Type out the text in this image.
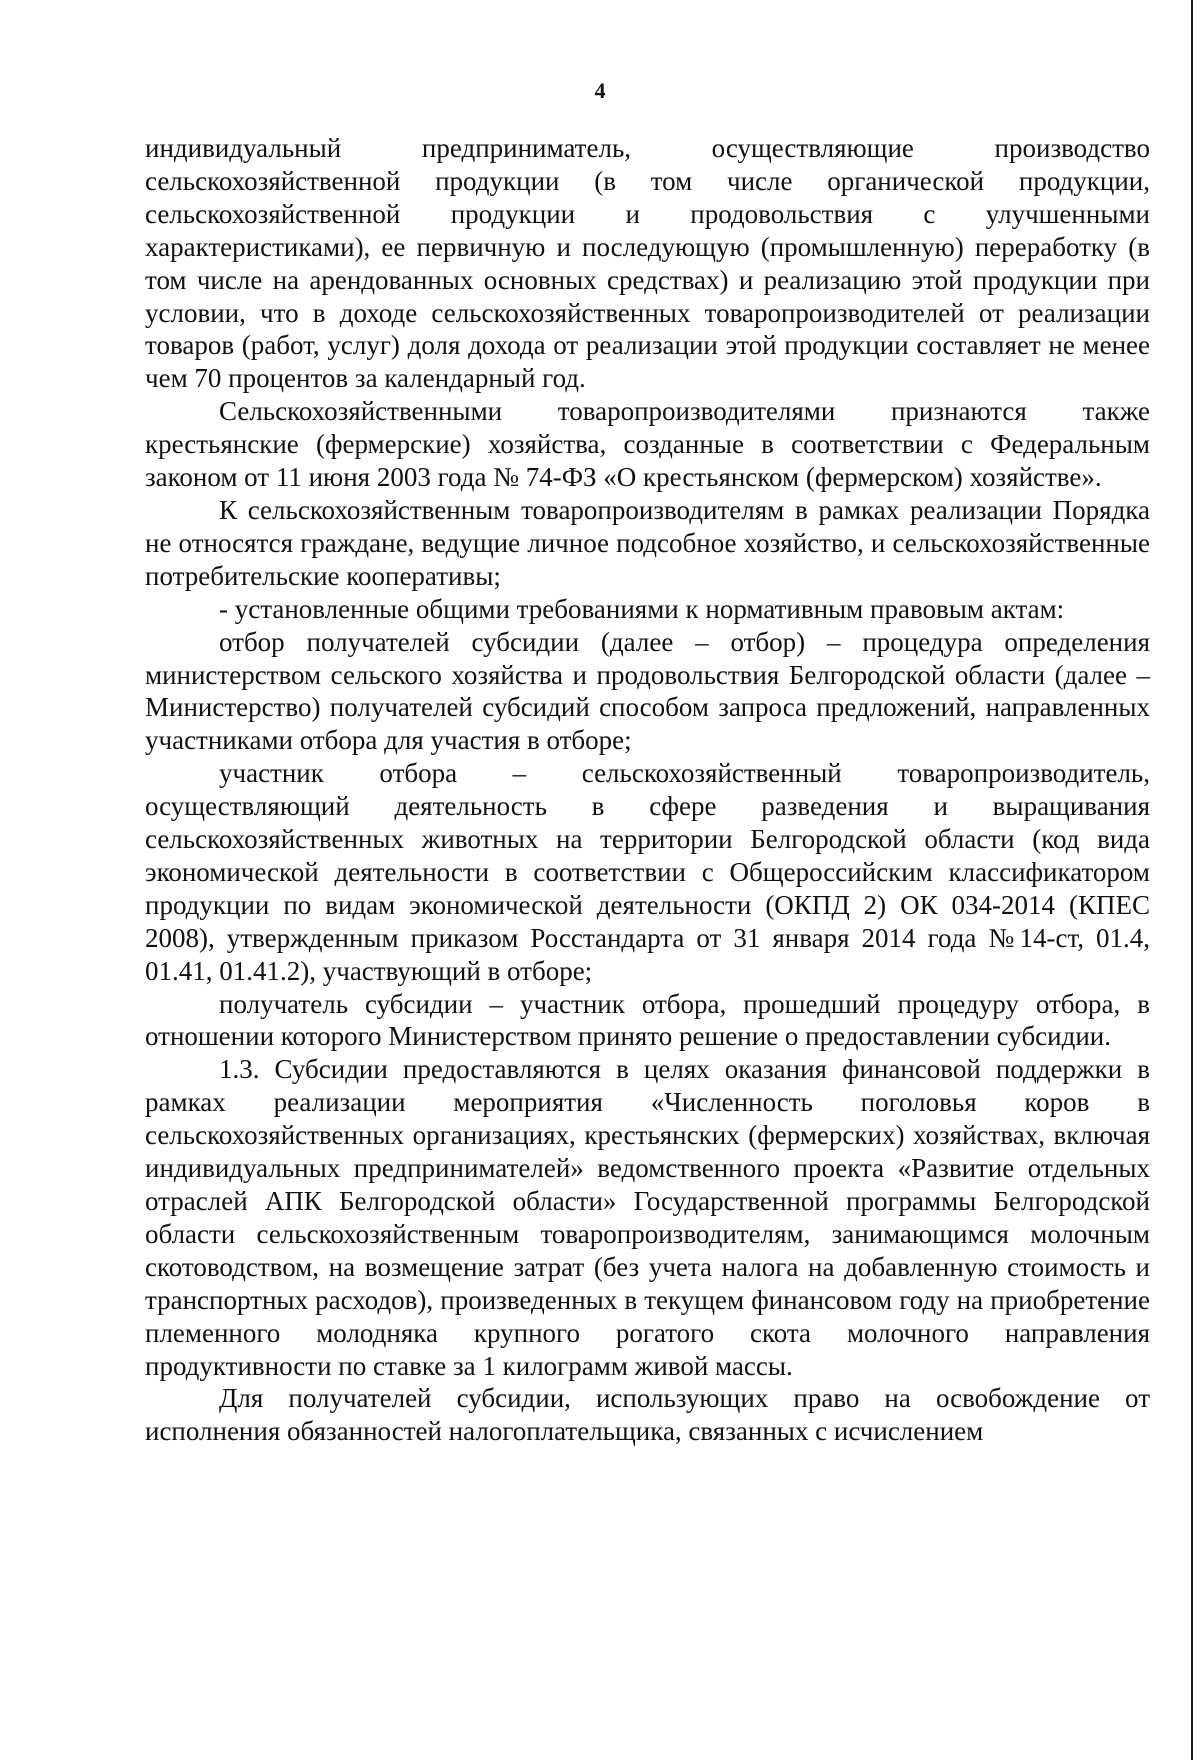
4

индивидуальный предприниматель, осуществляющие производство сельскохозяйственной продукции (в том числе органической продукции, сельскохозяйственной продукции и продовольствия с улучшенными характеристиками), ее первичную и последующую (промышленную) переработку (в том числе на арендованных основных средствах) и реализацию этой продукции при условии, что в доходе сельскохозяйственных товаропроизводителей от реализации товаров (работ, услуг) доля дохода от реализации этой продукции составляет не менее чем 70 процентов за календарный год.

Сельскохозяйственными товаропроизводителями признаются также крестьянские (фермерские) хозяйства, созданные в соответствии с Федеральным законом от 11 июня 2003 года № 74-ФЗ «О крестьянском (фермерском) хозяйстве».

К сельскохозяйственным товаропроизводителям в рамках реализации Порядка не относятся граждане, ведущие личное подсобное хозяйство, и сельскохозяйственные потребительские кооперативы;

- установленные общими требованиями к нормативным правовым актам:

отбор получателей субсидии (далее – отбор) – процедура определения министерством сельского хозяйства и продовольствия Белгородской области (далее – Министерство) получателей субсидий способом запроса предложений, направленных участниками отбора для участия в отборе;

участник отбора – сельскохозяйственный товаропроизводитель, осуществляющий деятельность в сфере разведения и выращивания сельскохозяйственных животных на территории Белгородской области (код вида экономической деятельности в соответствии с Общероссийским классификатором продукции по видам экономической деятельности (ОКПД 2) ОК 034-2014 (КПЕС 2008), утвержденным приказом Росстандарта от 31 января 2014 года №14-ст, 01.4, 01.41, 01.41.2), участвующий в отборе;

получатель субсидии – участник отбора, прошедший процедуру отбора, в отношении которого Министерством принято решение о предоставлении субсидии.

1.3. Субсидии предоставляются в целях оказания финансовой поддержки в рамках реализации мероприятия «Численность поголовья коров в сельскохозяйственных организациях, крестьянских (фермерских) хозяйствах, включая индивидуальных предпринимателей» ведомственного проекта «Развитие отдельных отраслей АПК Белгородской области» Государственной программы Белгородской области сельскохозяйственным товаропроизводителям, занимающимся молочным скотоводством, на возмещение затрат (без учета налога на добавленную стоимость и транспортных расходов), произведенных в текущем финансовом году на приобретение племенного молодняка крупного рогатого скота молочного направления продуктивности по ставке за 1 килограмм живой массы.

Для получателей субсидии, использующих право на освобождение от исполнения обязанностей налогоплательщика, связанных с исчислением
